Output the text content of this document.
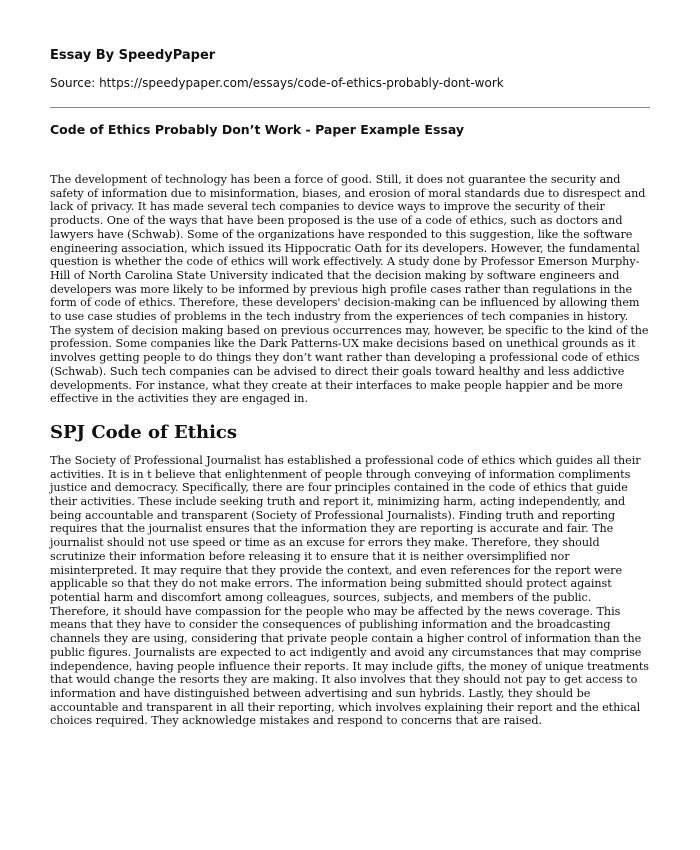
Essay By SpeedyPaper
Source: https://speedypaper.com/essays/code-of-ethics-probably-dont-work
Code of Ethics Probably Don’t Work - Paper Example Essay

The development of technology has been a force of good. Still, it does not guarantee the security and safety of information due to misinformation, biases, and erosion of moral standards due to disrespect and lack of privacy. It has made several tech companies to device ways to improve the security of their products. One of the ways that have been proposed is the use of a code of ethics, such as doctors and lawyers have (Schwab). Some of the organizations have responded to this suggestion, like the software engineering association, which issued its Hippocratic Oath for its developers. However, the fundamental question is whether the code of ethics will work effectively. A study done by Professor Emerson Murphy-Hill of North Carolina State University indicated that the decision making by software engineers and developers was more likely to be informed by previous high profile cases rather than regulations in the form of code of ethics. Therefore, these developers' decision-making can be influenced by allowing them to use case studies of problems in the tech industry from the experiences of tech companies in history. The system of decision making based on previous occurrences may, however, be specific to the kind of the profession. Some companies like the Dark Patterns-UX make decisions based on unethical grounds as it involves getting people to do things they don’t want rather than developing a professional code of ethics (Schwab). Such tech companies can be advised to direct their goals toward healthy and less addictive developments. For instance, what they create at their interfaces to make people happier and be more effective in the activities they are engaged in.

SPJ Code of Ethics

The Society of Professional Journalist has established a professional code of ethics which guides all their activities. It is in t believe that enlightenment of people through conveying of information compliments justice and democracy. Specifically, there are four principles contained in the code of ethics that guide their activities. These include seeking truth and report it, minimizing harm, acting independently, and being accountable and transparent (Society of Professional Journalists). Finding truth and reporting requires that the journalist ensures that the information they are reporting is accurate and fair. The journalist should not use speed or time as an excuse for errors they make. Therefore, they should scrutinize their information before releasing it to ensure that it is neither oversimplified nor misinterpreted. It may require that they provide the context, and even references for the report were applicable so that they do not make errors. The information being submitted should protect against potential harm and discomfort among colleagues, sources, subjects, and members of the public. Therefore, it should have compassion for the people who may be affected by the news coverage. This means that they have to consider the consequences of publishing information and the broadcasting channels they are using, considering that private people contain a higher control of information than the public figures. Journalists are expected to act indigently and avoid any circumstances that may comprise independence, having people influence their reports. It may include gifts, the money of unique treatments that would change the resorts they are making. It also involves that they should not pay to get access to information and have distinguished between advertising and sun hybrids. Lastly, they should be accountable and transparent in all their reporting, which involves explaining their report and the ethical choices required. They acknowledge mistakes and respond to concerns that are raised.
